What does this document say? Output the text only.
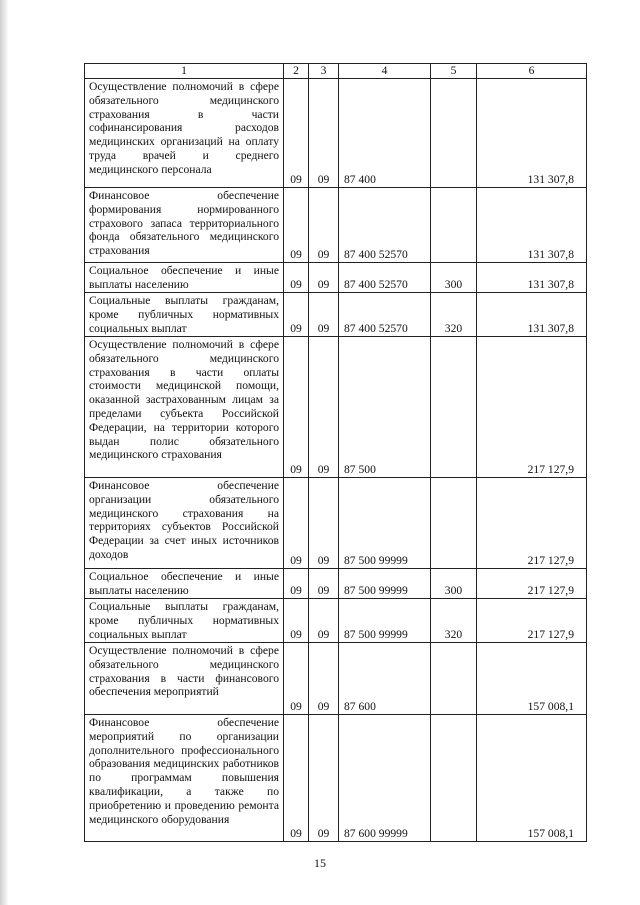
1	2	3	4	5	6
Осуществление полномочий в сфере обязательного медицинского страхования в части софинансирования расходов медицинских организаций на оплату труда врачей и среднего медицинского персонала	09	09	87 400		131 307,8
Финансовое обеспечение формирования нормированного страхового запаса территориального фонда обязательного медицинского страхования	09	09	87 400 52570		131 307,8
Социальное обеспечение и иные выплаты населению	09	09	87 400 52570	300	131 307,8
Социальные выплаты гражданам, кроме публичных нормативных социальных выплат	09	09	87 400 52570	320	131 307,8
Осуществление полномочий в сфере обязательного медицинского страхования в части оплаты стоимости медицинской помощи, оказанной застрахованным лицам за пределами субъекта Российской Федерации, на территории которого выдан полис обязательного медицинского страхования	09	09	87 500		217 127,9
Финансовое обеспечение организации обязательного медицинского страхования на территориях субъектов Российской Федерации за счет иных источников доходов	09	09	87 500 99999		217 127,9
Социальное обеспечение и иные выплаты населению	09	09	87 500 99999	300	217 127,9
Социальные выплаты гражданам, кроме публичных нормативных социальных выплат	09	09	87 500 99999	320	217 127,9
Осуществление полномочий в сфере обязательного медицинского страхования в части финансового обеспечения мероприятий	09	09	87 600		157 008,1
Финансовое обеспечение мероприятий по организации дополнительного профессионального образования медицинских работников по программам повышения квалификации, а также по приобретению и проведению ремонта медицинского оборудования	09	09	87 600 99999		157 008,1
15
